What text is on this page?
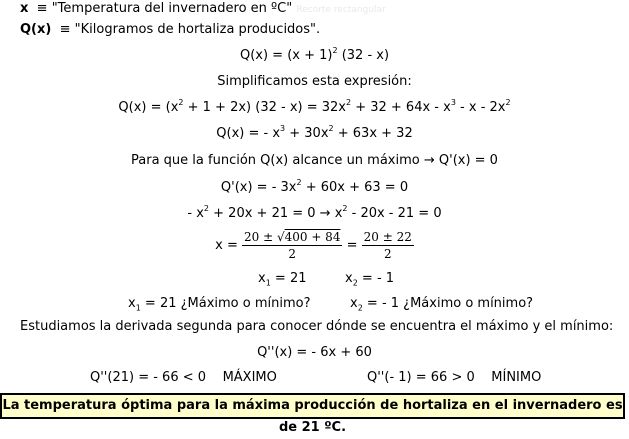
x  ≡ "Temperatura del invernadero en ºC" Recorte rectangular
Q(x)  ≡ "Kilogramos de hortaliza producidos".
$Q(x) = (x + 1)^2$ (32 - x)
Simplificamos esta expresión:
$Q(x) = (x^2 + 1 + 2x)$ $(32 - x) = 32x^2 + 32 + 64x - x^3 - x - 2x^2$
Q(x) = - $x^3 + 30x^2 + 63x + 32$
Para que la función Q(x) alcance un máximo → Q'(x) = 0
Q'(x) = - $3x^2 + 60x + 63 = 0$
- $x^2 + 20x + 21 = 0 \to x^2 - 20x - 21 = 0$
$x = \frac{20 \pm √400 + 84}{2} = \frac{20 \pm 22}{2}$
$x_1 = 21$	$x_2$ = - 1
$x_1 = 21$ ¿Máximo o mínimo?	$x_2$ = - 1 ¿Máximo o mínimo?
Estudiamos la derivada segunda para conocer dónde se encuentra el máximo y el mínimo:
Q''(x) = - 6x + 60
Q''(21) = - 66 < 0 MÁXIMO	Q''(- 1) = 66 > 0 MÍNIMO
La temperatura óptima para la máxima producción de hortaliza en el invernadero es de 21 ºC.
